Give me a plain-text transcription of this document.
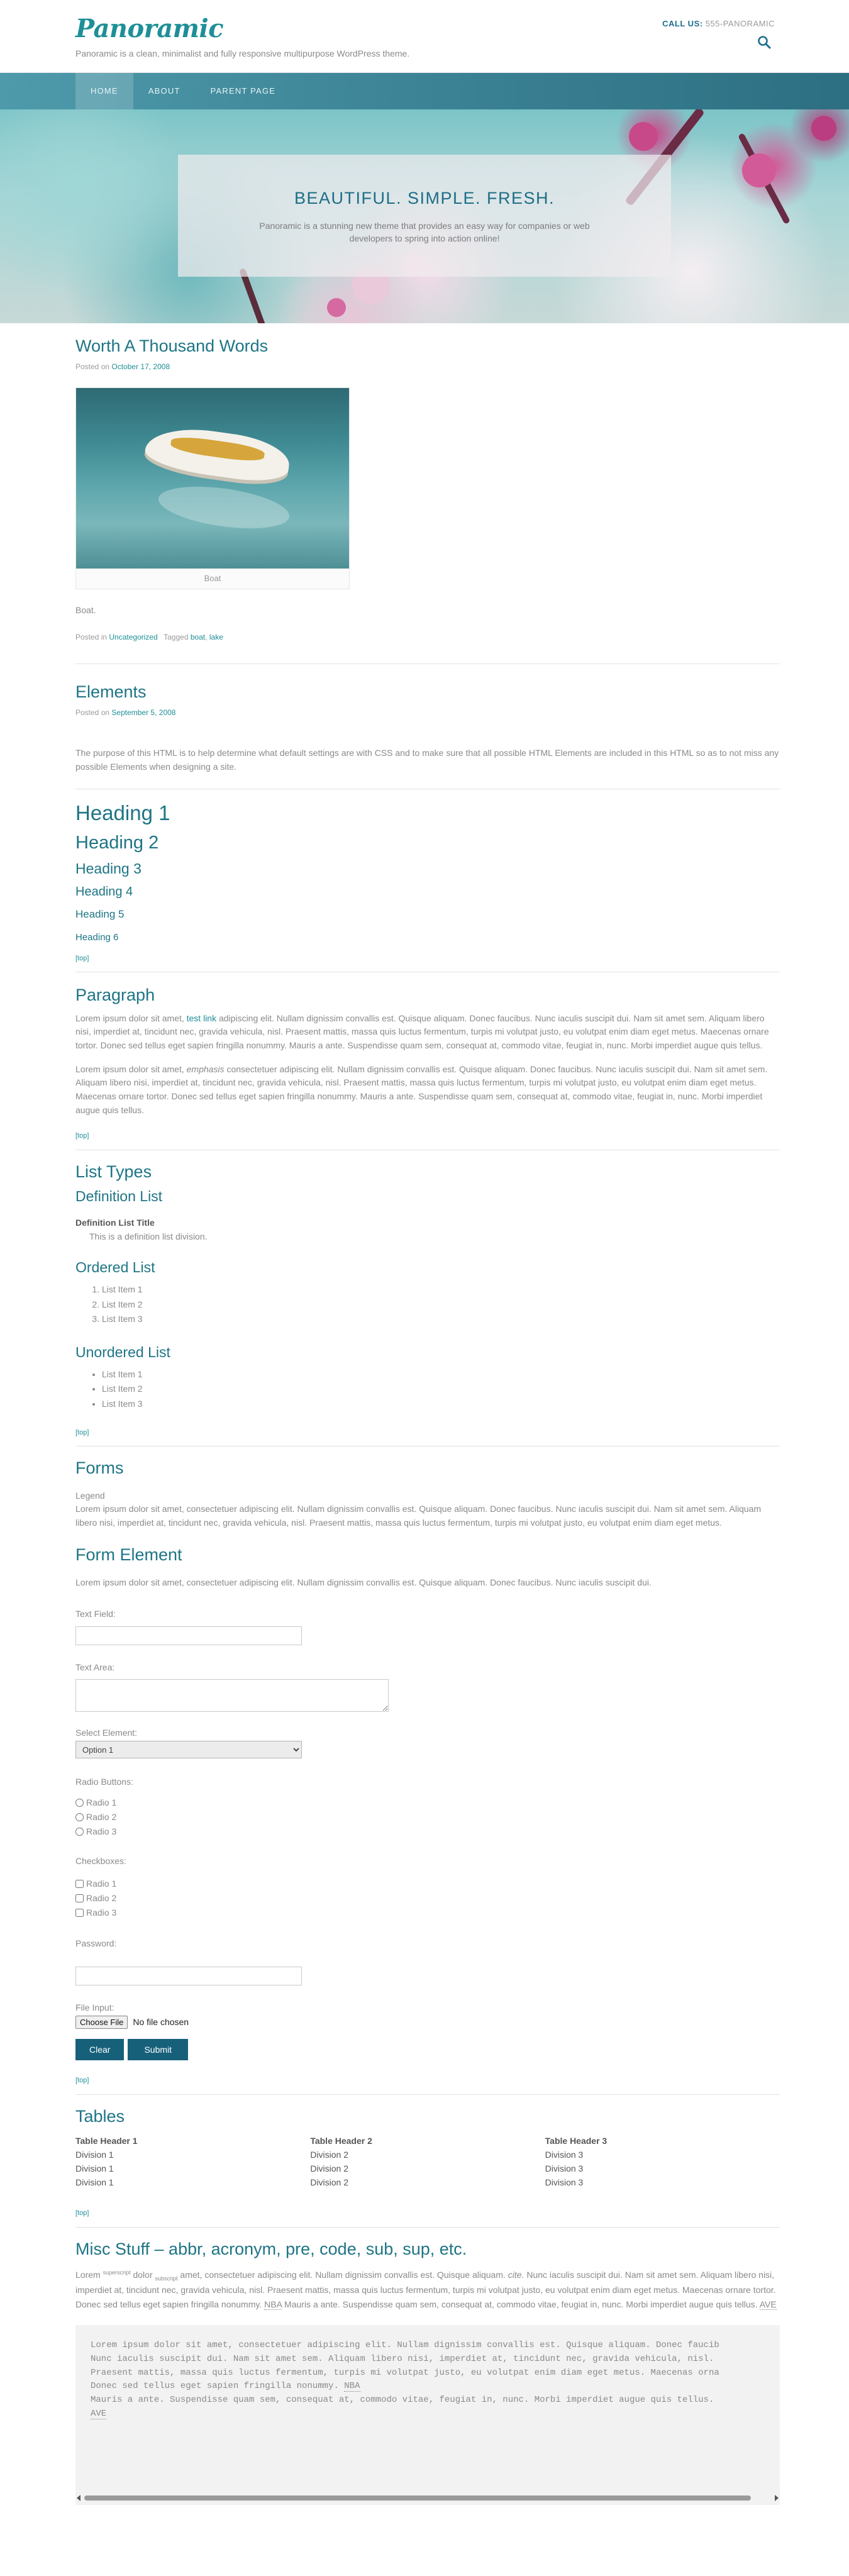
Panoramic
Panoramic is a clean, minimalist and fully responsive multipurpose WordPress theme.
CALL US: 555-PANORAMIC
HOME	ABOUT	PARENT PAGE
BEAUTIFUL. SIMPLE. FRESH.

Panoramic is a stunning new theme that provides an easy way for companies or web developers to spring into action online!

Worth A Thousand Words
Posted on October 17, 2008
Boat

Boat.

Posted in Uncategorized Tagged boat, lake
Elements
Posted on September 5, 2008

The purpose of this HTML is to help determine what default settings are with CSS and to make sure that all possible HTML Elements are included in this HTML so as to not miss any possible Elements when designing a site.

Heading 1
Heading 2
Heading 3
Heading 4
Heading 5
Heading 6
[top]
Paragraph

Lorem ipsum dolor sit amet, test link adipiscing elit. Nullam dignissim convallis est. Quisque aliquam. Donec faucibus. Nunc iaculis suscipit dui. Nam sit amet sem. Aliquam libero nisi, imperdiet at, tincidunt nec, gravida vehicula, nisl. Praesent mattis, massa quis luctus fermentum, turpis mi volutpat justo, eu volutpat enim diam eget metus. Maecenas ornare tortor. Donec sed tellus eget sapien fringilla nonummy. Mauris a ante. Suspendisse quam sem, consequat at, commodo vitae, feugiat in, nunc. Morbi imperdiet augue quis tellus.

Lorem ipsum dolor sit amet, emphasis consectetuer adipiscing elit. Nullam dignissim convallis est. Quisque aliquam. Donec faucibus. Nunc iaculis suscipit dui. Nam sit amet sem. Aliquam libero nisi, imperdiet at, tincidunt nec, gravida vehicula, nisl. Praesent mattis, massa quis luctus fermentum, turpis mi volutpat justo, eu volutpat enim diam eget metus. Maecenas ornare tortor. Donec sed tellus eget sapien fringilla nonummy. Mauris a ante. Suspendisse quam sem, consequat at, commodo vitae, feugiat in, nunc. Morbi imperdiet augue quis tellus.

[top]
List Types
Definition List
Definition List Title
This is a definition list division.
Ordered List
1. List Item 1
2. List Item 2
3. List Item 3
Unordered List
• List Item 1
• List Item 2
• List Item 3
[top]
Forms
Legend

Lorem ipsum dolor sit amet, consectetuer adipiscing elit. Nullam dignissim convallis est. Quisque aliquam. Donec faucibus. Nunc iaculis suscipit dui. Nam sit amet sem. Aliquam libero nisi, imperdiet at, tincidunt nec, gravida vehicula, nisl. Praesent mattis, massa quis luctus fermentum, turpis mi volutpat justo, eu volutpat enim diam eget metus.

Form Element

Lorem ipsum dolor sit amet, consectetuer adipiscing elit. Nullam dignissim convallis est. Quisque aliquam. Donec faucibus. Nunc iaculis suscipit dui.

Text Field:
Text Area:
Select Element:
Option 1
Radio Buttons:
Radio 1
Radio 2
Radio 3
Checkboxes:
Radio 1
Radio 2
Radio 3
Password:
File Input:
Choose File	No file chosen
Clear	Submit
[top]
Tables
Table Header 1	Table Header 2	Table Header 3
Division 1	Division 2	Division 3
Division 1	Division 2	Division 3
Division 1	Division 2	Division 3
[top]
Misc Stuff – abbr, acronym, pre, code, sub, sup, etc.

Lorem $^{superscript}$ dolor $_{subscript}$ amet, consectetuer adipiscing elit. Nullam dignissim convallis est. Quisque aliquam. cite. Nunc iaculis suscipit dui. Nam sit amet sem. Aliquam libero nisi, imperdiet at, tincidunt nec, gravida vehicula, nisl. Praesent mattis, massa quis luctus fermentum, turpis mi volutpat justo, eu volutpat enim diam eget metus. Maecenas ornare tortor. Donec sed tellus eget sapien fringilla nonummy. NBA Mauris a ante. Suspendisse quam sem, consequat at, commodo vitae, feugiat in, nunc. Morbi imperdiet augue quis tellus. AVE

Lorem ipsum dolor sit amet, consectetuer adipiscing elit. Nullam dignissim convallis est. Quisque aliquam. Donec faucib
Nunc iaculis suscipit dui. Nam sit amet sem. Aliquam libero nisi, imperdiet at, tincidunt nec, gravida vehicula, nisl.
Praesent mattis, massa quis luctus fermentum, turpis mi volutpat justo, eu volutpat enim diam eget metus. Maecenas orna
Donec sed tellus eget sapien fringilla nonummy. NBA
Mauris a ante. Suspendisse quam sem, consequat at, commodo vitae, feugiat in, nunc. Morbi imperdiet augue quis tellus.
AVE
